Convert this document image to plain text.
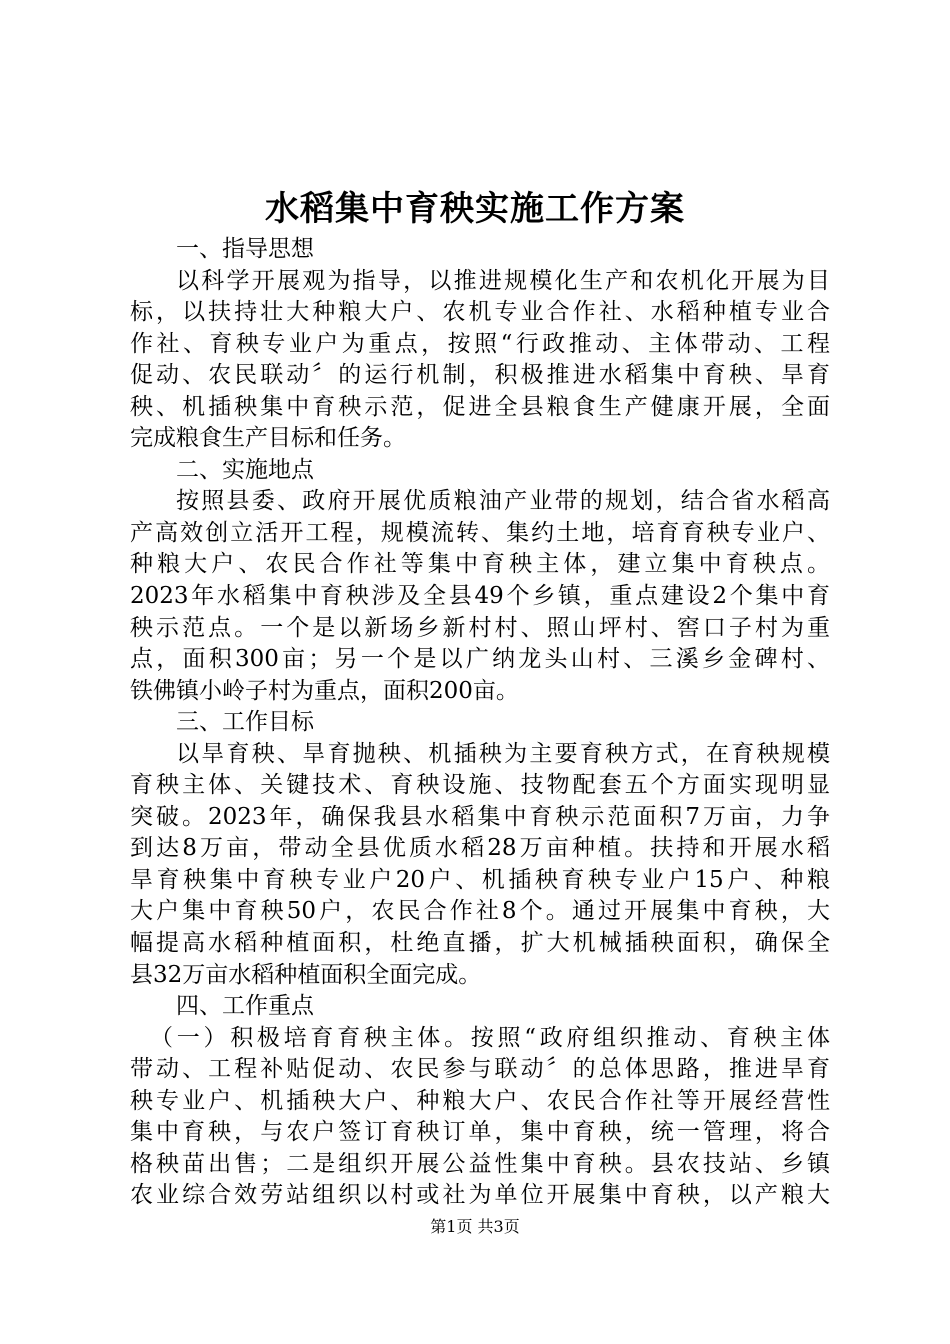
水稻集中育秧实施工作方案
一、指导思想
以科学开展观为指导，以推进规模化生产和农机化开展为目
标，以扶持壮大种粮大户、农机专业合作社、水稻种植专业合
作社、育秧专业户为重点，按照“行政推动、主体带动、工程
促动、农民联动〞的运行机制，积极推进水稻集中育秧、旱育
秧、机插秧集中育秧示范，促进全县粮食生产健康开展，全面
完成粮食生产目标和任务。
二、实施地点
按照县委、政府开展优质粮油产业带的规划，结合省水稻高
产高效创立活开工程，规模流转、集约土地，培育育秧专业户、
种粮大户、农民合作社等集中育秧主体，建立集中育秧点。
2023年水稻集中育秧涉及全县49个乡镇，重点建设2个集中育
秧示范点。一个是以新场乡新村村、照山坪村、窖口子村为重
点，面积300亩；另一个是以广纳龙头山村、三溪乡金碑村、
铁佛镇小岭子村为重点，面积200亩。
三、工作目标
以旱育秧、旱育抛秧、机插秧为主要育秧方式，在育秧规模
育秧主体、关键技术、育秧设施、技物配套五个方面实现明显
突破。2023年，确保我县水稻集中育秧示范面积7万亩，力争
到达8万亩，带动全县优质水稻28万亩种植。扶持和开展水稻
旱育秧集中育秧专业户20户、机插秧育秧专业户15户、种粮
大户集中育秧50户，农民合作社8个。通过开展集中育秧，大
幅提高水稻种植面积，杜绝直播，扩大机械插秧面积，确保全
县32万亩水稻种植面积全面完成。
四、工作重点
（一）积极培育育秧主体。按照“政府组织推动、育秧主体
带动、工程补贴促动、农民参与联动〞的总体思路，推进旱育
秧专业户、机插秧大户、种粮大户、农民合作社等开展经营性
集中育秧，与农户签订育秧订单，集中育秧，统一管理，将合
格秧苗出售；二是组织开展公益性集中育秧。县农技站、乡镇
农业综合效劳站组织以村或社为单位开展集中育秧，以产粮大
第1页 共3页
